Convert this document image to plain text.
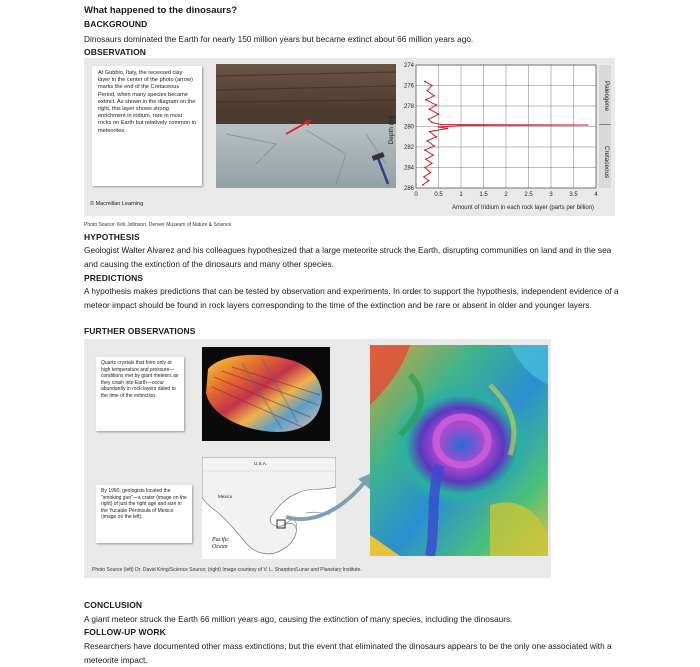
What happened to the dinosaurs?
BACKGROUND
Dinosaurs dominated the Earth for nearly 150 million years but became extinct about 66 million years ago.
OBSERVATION
At Gubbio, Italy, the recessed clay layer in the center of the photo (arrow) marks the end of the Cretaceous Period, when many species became extinct. As shown in the diagram on the right, this layer shows strong enrichment in iridium, rare in most rocks on Earth but relatively common in meteorites.
0	0.5	1	1.5	2	2.5	3	3.5	4
274
276
278
280
282
284
286
Depth (m)
Amount of Iridium in each rock layer (parts per billion)
Paleogene
Cretaceous
© Macmillan Learning
Photo Source: Kirk Johnson, Denver Museum of Nature & Science.
HYPOTHESIS
Geologist Walter Alvarez and his colleagues hypothesized that a large meteorite struck the Earth, disrupting communities on land and in the sea and causing the extinction of the dinosaurs and many other species.
PREDICTIONS
A hypothesis makes predictions that can be tested by observation and experiments. In order to support the hypothesis, independent evidence of a meteor impact should be found in rock layers corresponding to the time of the extinction and be rare or absent in older and younger layers.
FURTHER OBSERVATIONS
Quartz crystals that form only at high temperature and pressure—conditions met by giant meteors as they crash into Earth—occur abundantly in rock layers dated to the time of the extinction.
By 1990, geologists located the "smoking gun"—a crater (image on the right) of just the right age and size in the Yucatán Peninsula of Mexico (image on the left).
U.S.A.
Mexico
Pacific Ocean
Photo Source (left) Dr. David Kring/Science Source; (right) Image courtesy of V. L. Sharpton/Lunar and Planetary Institute.
CONCLUSION
A giant meteor struck the Earth 66 million years ago, causing the extinction of many species, including the dinosaurs.
FOLLOW-UP WORK
Researchers have documented other mass extinctions, but the event that eliminated the dinosaurs appears to be the only one associated with a meteorite impact.
